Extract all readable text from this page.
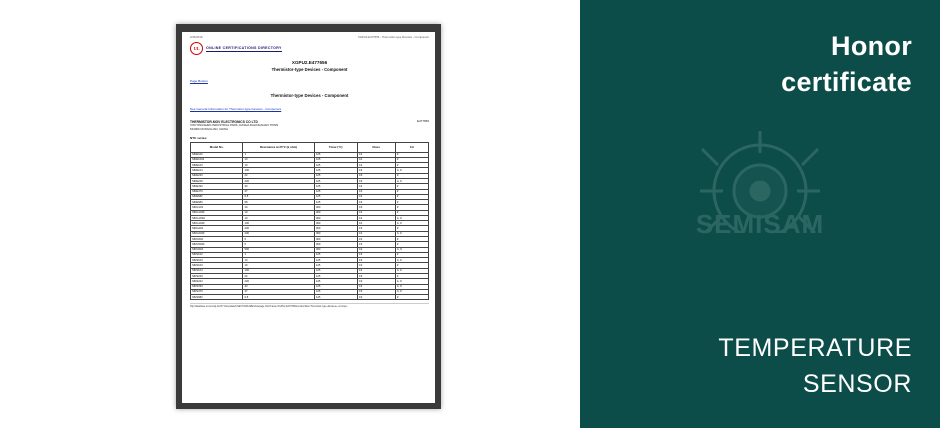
2/26/2019	XGPU2.E477656 - Thermistor-type Devices - Component
UL	ONLINE CERTIFICATIONS DIRECTORY
XGPU2.E477656
Thermistor-type Devices - Component
Page Bottom
Thermistor-type Devices - Component
See General Information for Thermistor-type Devices - Component
E477656
THERMISTOR-MOV ELECTRONICS CO LTD
XINYONGSHEN INDUSTRIAL PARK, DASHA DALINGSHAN TOWN
523000 DONGGUAN, CHINA
NTC series:
Model No.	Resistance at 25°C (k ohm)	Tmax (°C)	Class	CA
MNE102	1	125	C4	#
MNE1002	10	125	C4	#
MNE103	10	125	C4	#
MNE104	100	125	C3	A, #
MNE223	22	125	C3	#
MNE229	220	125	C3	A, #
MNE333	33	125	C4	#
MNE473	47	125	C3	#
MNE682	6.8	125	C4	#
MNE683	68	125	C3	#
MNG103	10	300	C3	#
MNG103F	10	300	C4	#
MNG103H	10	300	C4	A, #
MNG104F	100	300	C4	A, #
MNG204	200	300	C3	#
MNG204F	200	300	C4	A, #
MNG502	5	300	C3	#
MNG502F	5	300	C3	#
MNG504	500	300	C2	C, #
MNS102	1	125	C3	#
MNS103	10	125	C3	A, #
MNS103	10	125	C3	#
MNS104	100	125	C4	A, #
MNS223	22	125	C3	#
MNS224	220	125	C3	A, #
MNS333	33	125	C2	A, #
MNS473	47	125	C3	A, #
MNS682	6.8	125	C3	#
http://database.ul.com/cgi-bin/XYV/template/LISEXT/1FRAME/showpage.html?name=XGPU2.E477656&ccnshorttitle=Thermistor-type+Devices+-+Compo...
SEMISAM
Honor
certificate
TEMPERATURE
SENSOR
